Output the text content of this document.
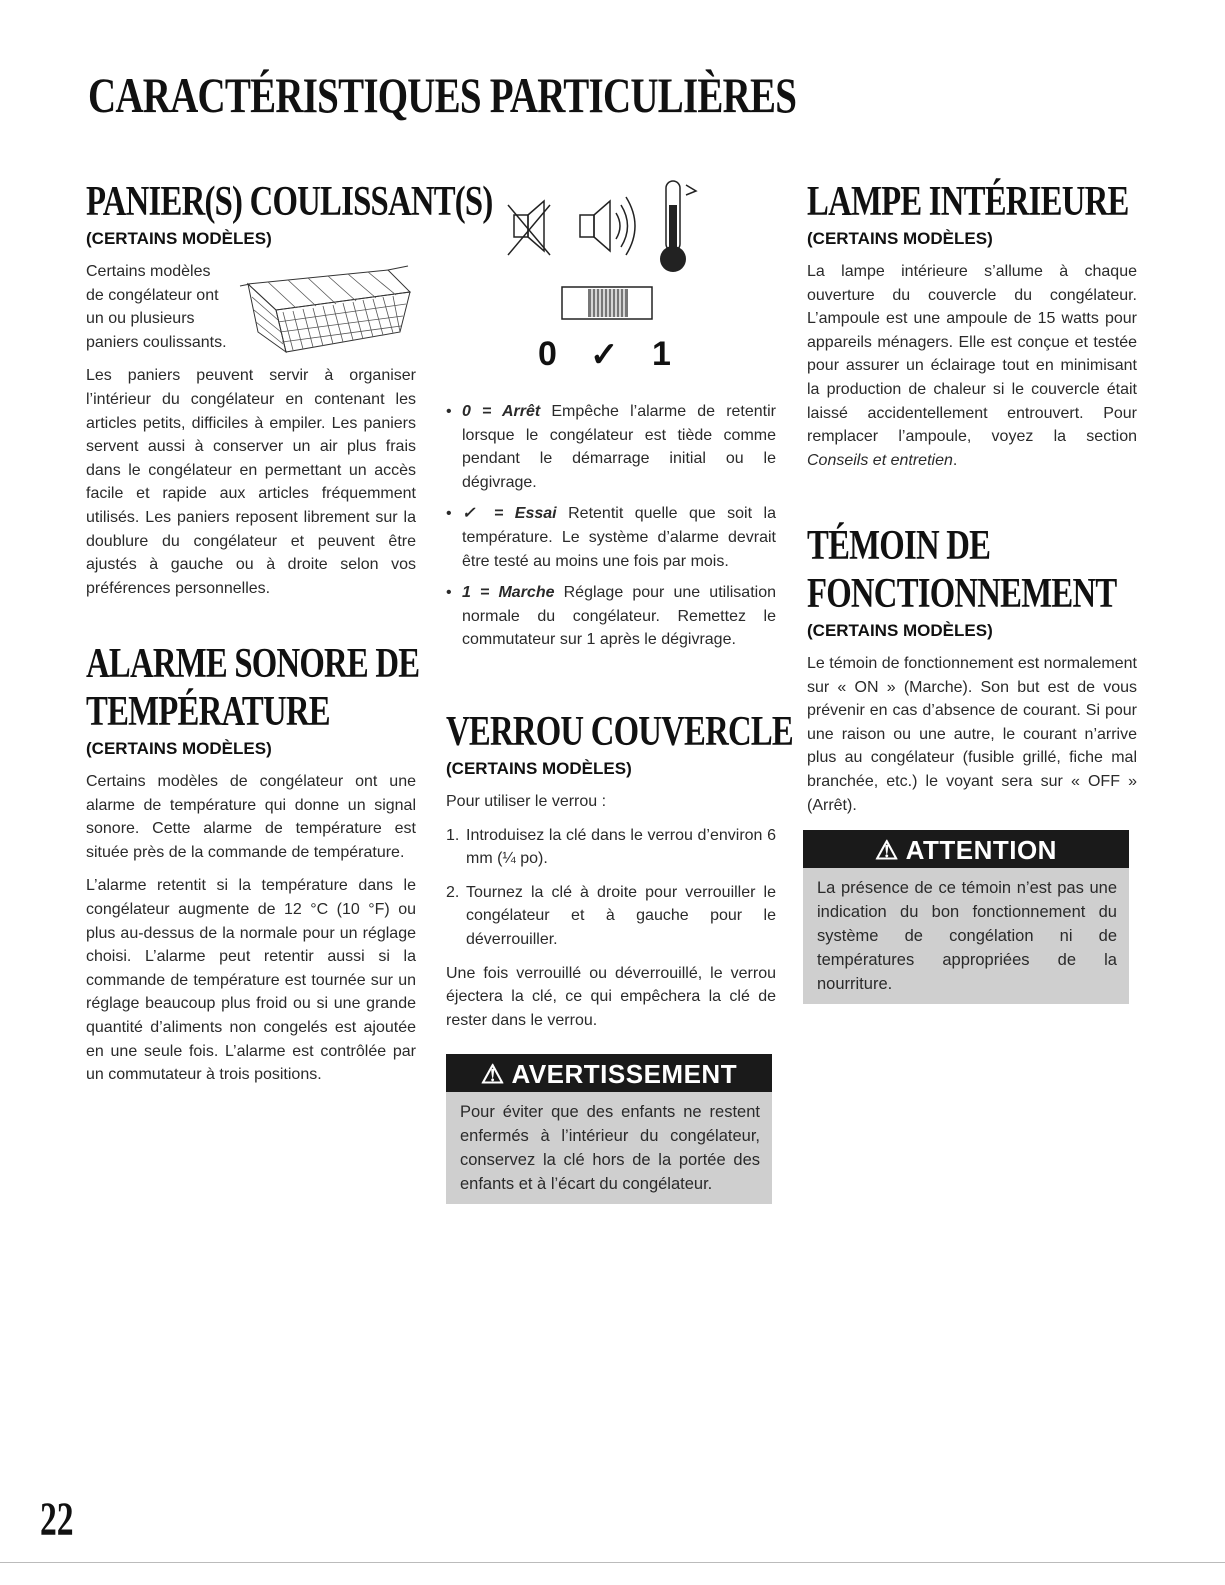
CARACTÉRISTIQUES PARTICULIÈRES
PANIER(S) COULISSANT(S)

(CERTAINS MODÈLES)

Certains modèles
de congélateur ont
un ou plusieurs
paniers coulissants.

Les paniers peuvent servir à organiser l’intérieur du congélateur en contenant les articles petits, difficiles à empiler. Les paniers servent aussi à conserver un air plus frais dans le congélateur en permettant un accès facile et rapide aux articles fréquemment utilisés. Les paniers reposent librement sur la doublure du congélateur et peuvent être ajustés à gauche ou à droite selon vos préférences personnelles.

ALARME SONORE DE
TEMPÉRATURE

(CERTAINS MODÈLES)

Certains modèles de congélateur ont une alarme de température qui donne un signal sonore. Cette alarme de température est située près de la commande de température.

L’alarme retentit si la température dans le congélateur augmente de 12 °C (10 °F) ou plus au-dessus de la normale pour un réglage choisi. L’alarme peut retentir aussi si la commande de température est tournée sur un réglage beaucoup plus froid ou si une grande quantité d’aliments non congelés est ajoutée en une seule fois. L’alarme est contrôlée par un commutateur à trois positions.

0 ✓ 1
• 0 = Arrêt Empêche l’alarme de retentir lorsque le congélateur est tiède comme pendant le démarrage initial ou le dégivrage.
• ✓ = Essai Retentit quelle que soit la température. Le système d’alarme devrait être testé au moins une fois par mois.
• 1 = Marche Réglage pour une utilisation normale du congélateur. Remettez le commutateur sur 1 après le dégivrage.
VERROU COUVERCLE

(CERTAINS MODÈLES)

Pour utiliser le verrou :

1. Introduisez la clé dans le verrou d’environ 6 mm (¼ po).
2. Tournez la clé à droite pour verrouiller le congélateur et à gauche pour le déverrouiller.

Une fois verrouillé ou déverrouillé, le verrou éjectera la clé, ce qui empêchera la clé de rester dans le verrou.

⚠ AVERTISSEMENT
Pour éviter que des enfants ne restent enfermés à l’intérieur du congélateur, conservez la clé hors de la portée des enfants et à l’écart du congélateur.
LAMPE INTÉRIEURE

(CERTAINS MODÈLES)

La lampe intérieure s’allume à chaque ouverture du couvercle du congélateur. L’ampoule est une ampoule de 15 watts pour appareils ménagers. Elle est conçue et testée pour assurer un éclairage tout en minimisant la production de chaleur si le couvercle était laissé accidentellement entrouvert. Pour remplacer l’ampoule, voyez la section Conseils et entretien.

TÉMOIN DE
FONCTIONNEMENT

(CERTAINS MODÈLES)

Le témoin de fonctionnement est normalement sur « ON » (Marche). Son but est de vous prévenir en cas d’absence de courant. Si pour une raison ou une autre, le courant n’arrive plus au congélateur (fusible grillé, fiche mal branchée, etc.) le voyant sera sur « OFF » (Arrêt).

⚠ ATTENTION
La présence de ce témoin n’est pas une indication du bon fonctionnement du système de congélation ni de températures appropriées de la nourriture.
22
